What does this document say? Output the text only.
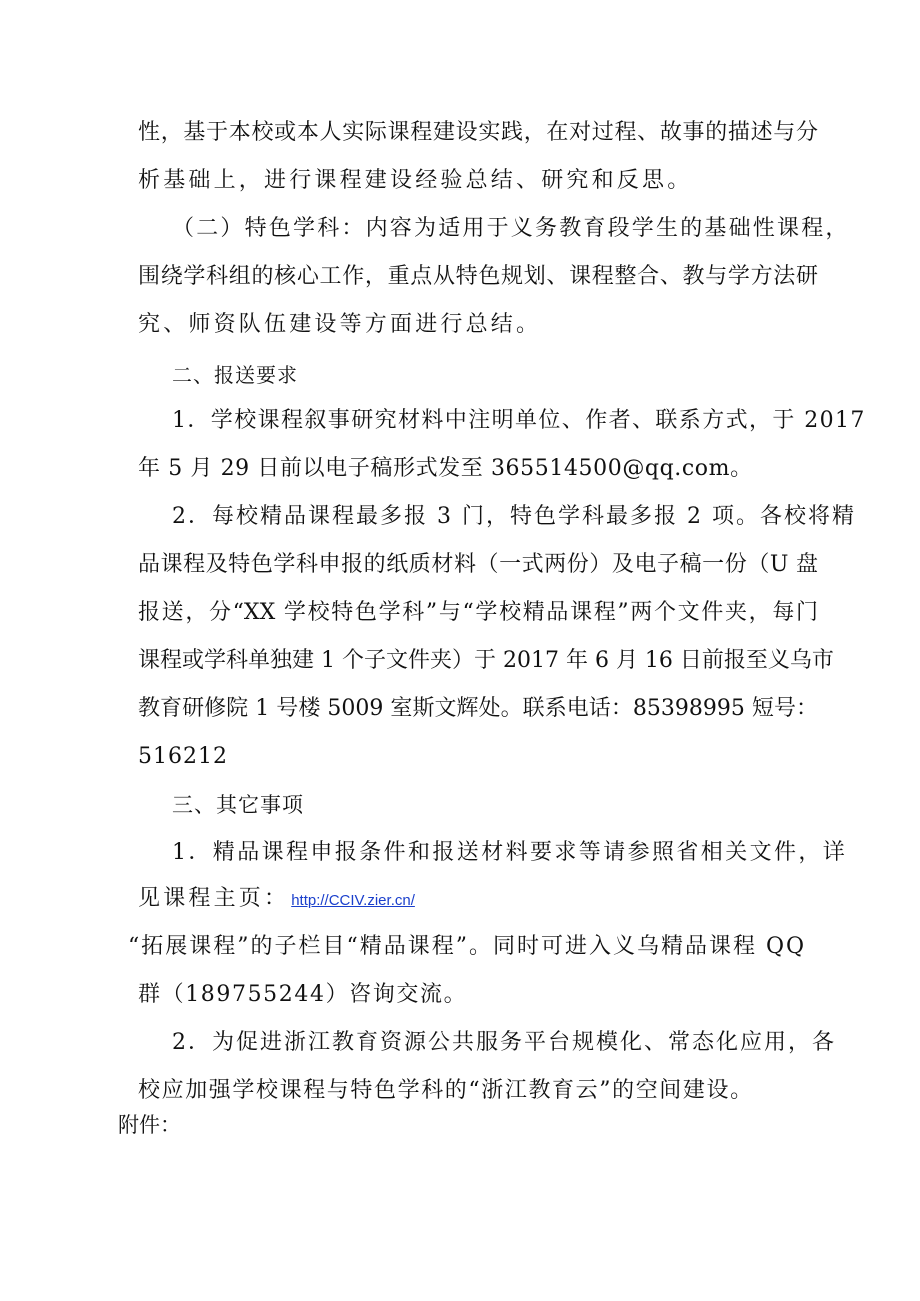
性，基于本校或本人实际课程建设实践，在对过程、故事的描述与分
析基础上，进行课程建设经验总结、研究和反思。
（二）特色学科：内容为适用于义务教育段学生的基础性课程，
围绕学科组的核心工作，重点从特色规划、课程整合、教与学方法研
究、师资队伍建设等方面进行总结。
二、报送要求
1．学校课程叙事研究材料中注明单位、作者、联系方式，于 2017
年 5 月 29 日前以电子稿形式发至 365514500@qq.com。
2．每校精品课程最多报 3 门，特色学科最多报 2 项。各校将精
品课程及特色学科申报的纸质材料（一式两份）及电子稿一份（U 盘
报送，分“XX 学校特色学科”与“学校精品课程”两个文件夹，每门
课程或学科单独建 1 个子文件夹）于 2017 年 6 月 16 日前报至义乌市
教育研修院 1 号楼 5009 室斯文辉处。联系电话：85398995 短号：
516212
三、其它事项
1．精品课程申报条件和报送材料要求等请参照省相关文件，详
见课程主页： http://CCIV.zier.cn/
“拓展课程”的子栏目“精品课程”。同时可进入义乌精品课程 QQ
群（189755244）咨询交流。
2．为促进浙江教育资源公共服务平台规模化、常态化应用，各
校应加强学校课程与特色学科的“浙江教育云”的空间建设。
附件：
